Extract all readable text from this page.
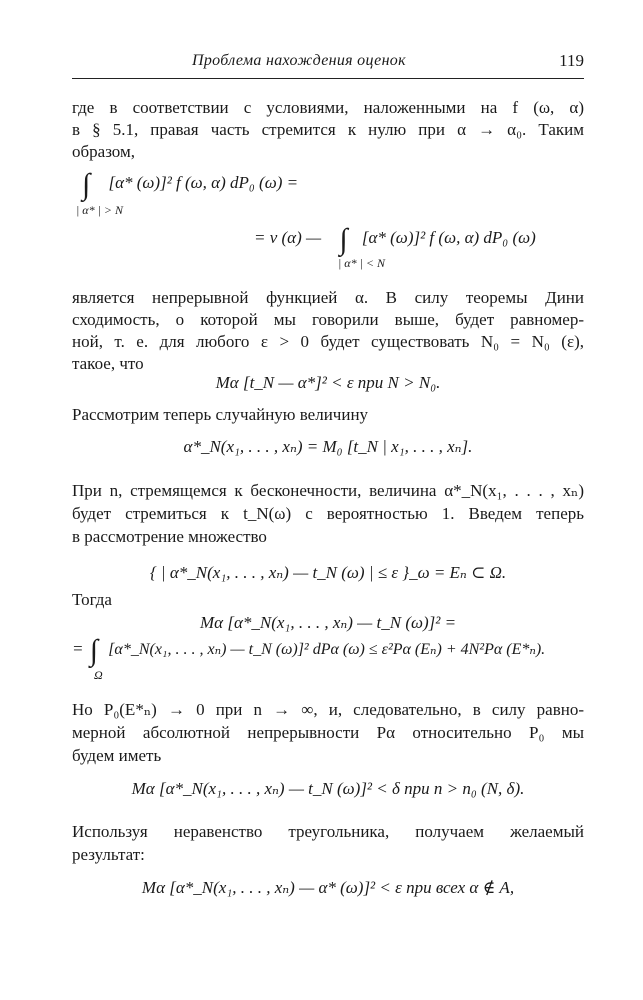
Проблема нахождения оценок	119
где в соответствии с условиями, наложенными на f (ω, α)
в § 5.1, правая часть стремится к нулю при α → α₀. Таким
образом,
∫ [α* (ω)]² f (ω, α) dP₀ (ω) =
| α* | > N
= v (α) — ∫ [α* (ω)]² f (ω, α) dP₀ (ω)
| α* | < N
является непрерывной функцией α. В силу теоремы Дини
сходимость, о которой мы говорили выше, будет равномер-
ной, т. е. для любого ε > 0 будет существовать N₀ = N₀ (ε),
такое, что
Mα [t_N — α*]² < ε при N > N₀.
Рассмотрим теперь случайную величину
α*_N(x₁, . . . , xₙ) = M₀ [t_N | x₁, . . . , xₙ].
При n, стремящемся к бесконечности, величина α*_N(x₁, . . . , xₙ)
будет стремиться к t_N(ω) с вероятностью 1. Введем теперь
в рассмотрение множество
{ | α*_N(x₁, . . . , xₙ) — t_N (ω) | ≤ ε }_ω = Eₙ ⊂ Ω.
Тогда
Mα [α*_N(x₁, . . . , xₙ) — t_N (ω)]² =
= ∫ [α*_N(x₁, . . . , xₙ) — t_N (ω)]² dPα (ω) ≤ ε²Pα (Eₙ) + 4N²Pα (E*ₙ).
Ω
Но P₀(E*ₙ) → 0 при n → ∞, и, следовательно, в силу равно-
мерной абсолютной непрерывности Pα относительно P₀ мы
будем иметь
Mα [α*_N(x₁, . . . , xₙ) — t_N (ω)]² < δ при n > n₀ (N, δ).
Используя неравенство треугольника, получаем желаемый
результат:
Mα [α*_N(x₁, . . . , xₙ) — α* (ω)]² < ε при всех α ∉ A,
